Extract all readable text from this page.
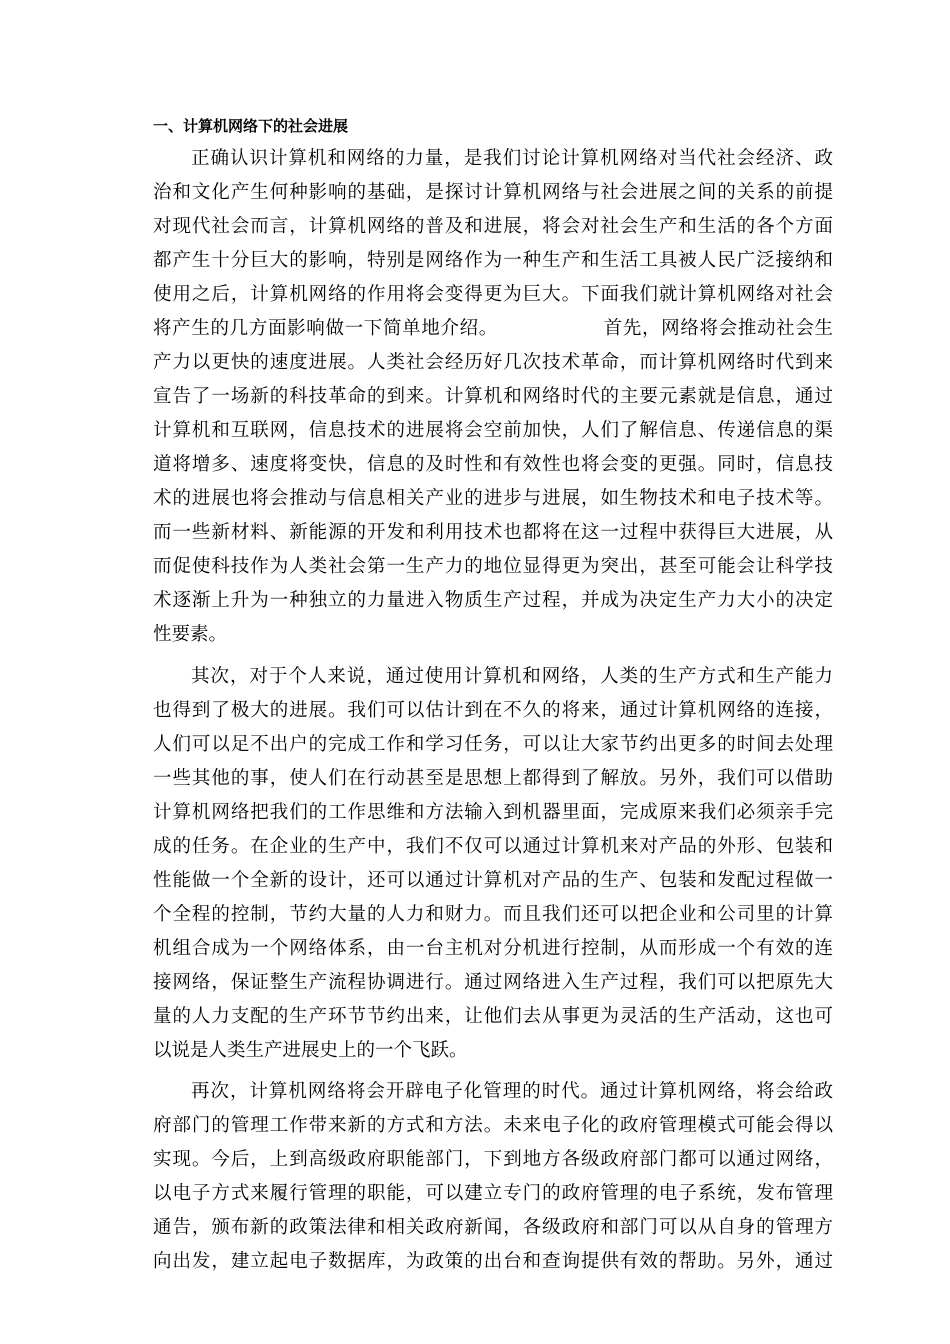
一、计算机网络下的社会进展
正确认识计算机和网络的力量，是我们讨论计算机网络对当代社会经济、政
治和文化产生何种影响的基础，是探讨计算机网络与社会进展之间的关系的前提
对现代社会而言，计算机网络的普及和进展，将会对社会生产和生活的各个方面
都产生十分巨大的影响，特别是网络作为一种生产和生活工具被人民广泛接纳和
使用之后，计算机网络的作用将会变得更为巨大。下面我们就计算机网络对社会
将产生的几方面影响做一下简单地介绍。　　　　　　首先，网络将会推动社会生
产力以更快的速度进展。人类社会经历好几次技术革命，而计算机网络时代到来
宣告了一场新的科技革命的到来。计算机和网络时代的主要元素就是信息，通过
计算机和互联网，信息技术的进展将会空前加快，人们了解信息、传递信息的渠
道将增多、速度将变快，信息的及时性和有效性也将会变的更强。同时，信息技
术的进展也将会推动与信息相关产业的进步与进展，如生物技术和电子技术等。
而一些新材料、新能源的开发和利用技术也都将在这一过程中获得巨大进展，从
而促使科技作为人类社会第一生产力的地位显得更为突出，甚至可能会让科学技
术逐渐上升为一种独立的力量进入物质生产过程，并成为决定生产力大小的决定
性要素。
其次，对于个人来说，通过使用计算机和网络，人类的生产方式和生产能力
也得到了极大的进展。我们可以估计到在不久的将来，通过计算机网络的连接，
人们可以足不出户的完成工作和学习任务，可以让大家节约出更多的时间去处理
一些其他的事，使人们在行动甚至是思想上都得到了解放。另外，我们可以借助
计算机网络把我们的工作思维和方法输入到机器里面，完成原来我们必须亲手完
成的任务。在企业的生产中，我们不仅可以通过计算机来对产品的外形、包装和
性能做一个全新的设计，还可以通过计算机对产品的生产、包装和发配过程做一
个全程的控制，节约大量的人力和财力。而且我们还可以把企业和公司里的计算
机组合成为一个网络体系，由一台主机对分机进行控制，从而形成一个有效的连
接网络，保证整生产流程协调进行。通过网络进入生产过程，我们可以把原先大
量的人力支配的生产环节节约出来，让他们去从事更为灵活的生产活动，这也可
以说是人类生产进展史上的一个飞跃。
再次，计算机网络将会开辟电子化管理的时代。通过计算机网络，将会给政
府部门的管理工作带来新的方式和方法。未来电子化的政府管理模式可能会得以
实现。今后，上到高级政府职能部门，下到地方各级政府部门都可以通过网络，
以电子方式来履行管理的职能，可以建立专门的政府管理的电子系统，发布管理
通告，颁布新的政策法律和相关政府新闻，各级政府和部门可以从自身的管理方
向出发，建立起电子数据库，为政策的出台和查询提供有效的帮助。另外，通过
